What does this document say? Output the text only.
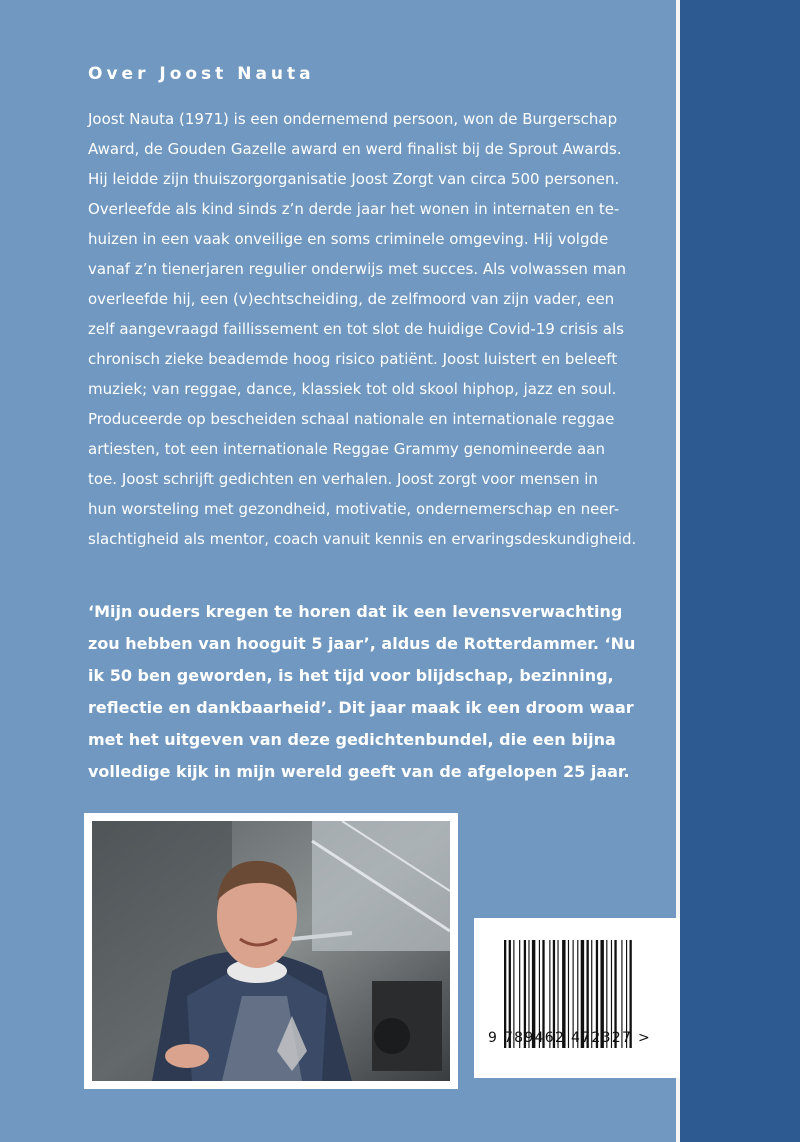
Over Joost Nauta
Joost Nauta (1971) is een ondernemend persoon, won de Burgerschap
Award, de Gouden Gazelle award en werd finalist bij de Sprout Awards.
Hij leidde zijn thuiszorgorganisatie Joost Zorgt van circa 500 personen.
Overleefde als kind sinds z’n derde jaar het wonen in internaten en te-
huizen in een vaak onveilige en soms criminele omgeving. Hij volgde
vanaf z’n tienerjaren regulier onderwijs met succes. Als volwassen man
overleefde hij, een (v)echtscheiding, de zelfmoord van zijn vader, een
zelf aangevraagd faillissement en tot slot de huidige Covid-19 crisis als
chronisch zieke beademde hoog risico patiënt. Joost luistert en beleeft
muziek; van reggae, dance, klassiek tot old skool hiphop, jazz en soul.
Produceerde op bescheiden schaal nationale en internationale reggae
artiesten, tot een internationale Reggae Grammy genomineerde aan
toe. Joost schrijft gedichten en verhalen. Joost zorgt voor mensen in
hun worsteling met gezondheid, motivatie, ondernemerschap en neer-
slachtigheid als mentor, coach vanuit kennis en ervaringsdeskundigheid.
‘Mijn ouders kregen te horen dat ik een levensverwachting
zou hebben van hooguit 5 jaar’, aldus de Rotterdammer. ‘Nu
ik 50 ben geworden, is het tijd voor blijdschap, bezinning,
reflectie en dankbaarheid’. Dit jaar maak ik een droom waar
met het uitgeven van deze gedichtenbundel, die een bijna
volledige kijk in mijn wereld geeft van de afgelopen 25 jaar.
9 789462 472327 >
